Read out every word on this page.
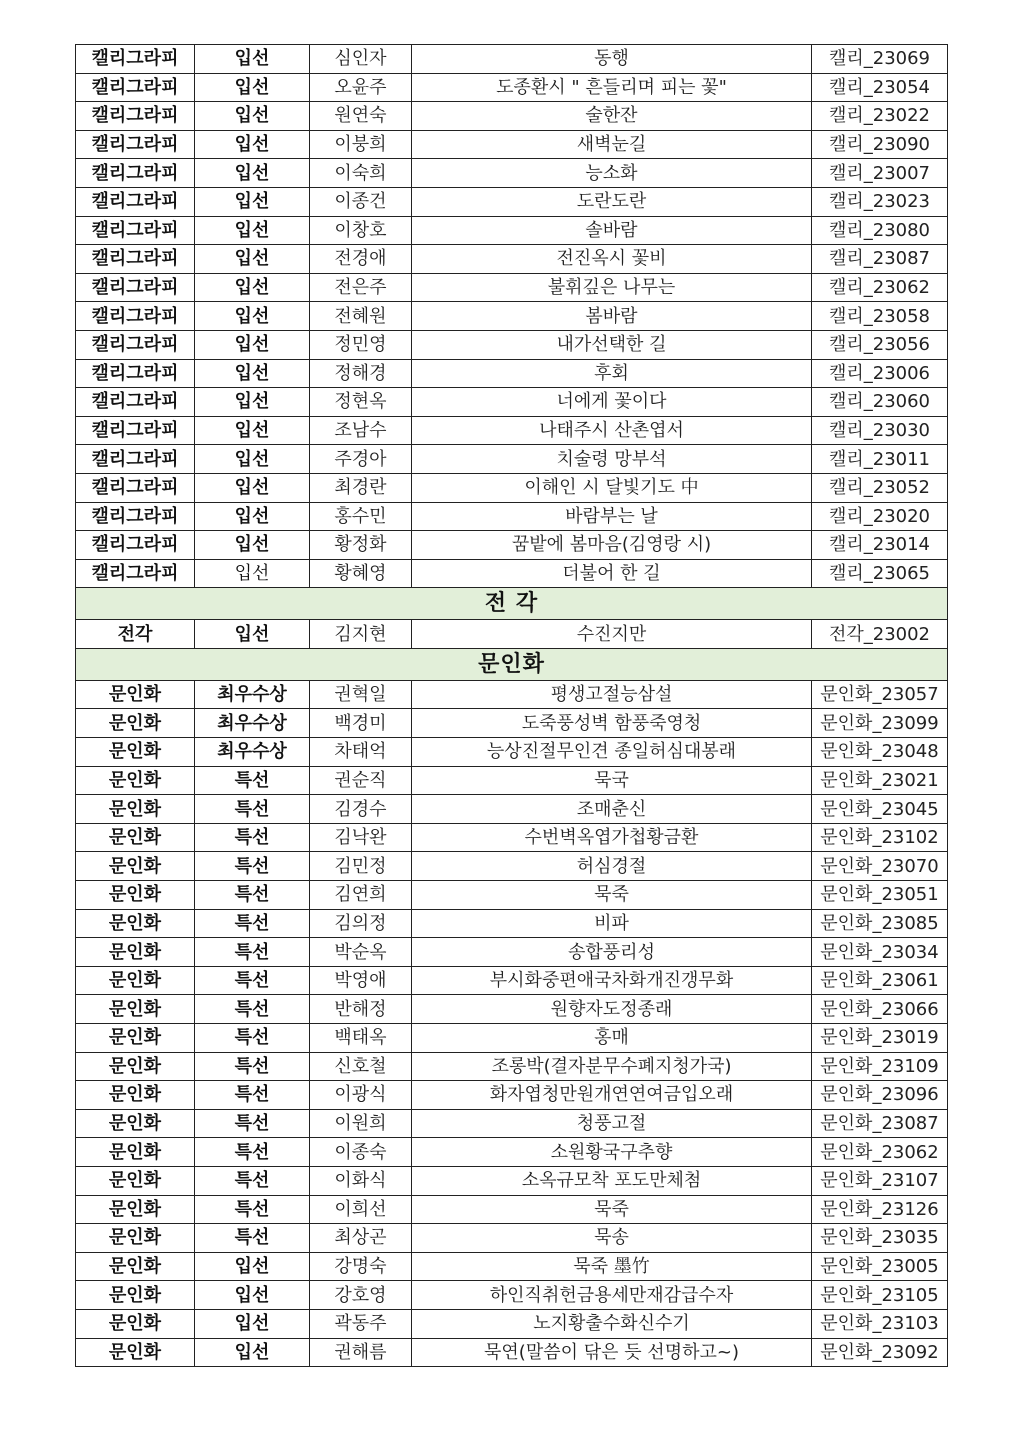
캘리그라피	입선	심인자	동행	캘리_23069
캘리그라피	입선	오윤주	도종환시 " 흔들리며 피는 꽃"	캘리_23054
캘리그라피	입선	원연숙	술한잔	캘리_23022
캘리그라피	입선	이붕희	새벽눈길	캘리_23090
캘리그라피	입선	이숙희	능소화	캘리_23007
캘리그라피	입선	이종건	도란도란	캘리_23023
캘리그라피	입선	이창호	솔바람	캘리_23080
캘리그라피	입선	전경애	전진옥시 꽃비	캘리_23087
캘리그라피	입선	전은주	불휘깊은 나무는	캘리_23062
캘리그라피	입선	전혜원	봄바람	캘리_23058
캘리그라피	입선	정민영	내가선택한 길	캘리_23056
캘리그라피	입선	정해경	후회	캘리_23006
캘리그라피	입선	정현옥	너에게 꽃이다	캘리_23060
캘리그라피	입선	조남수	나태주시 산촌엽서	캘리_23030
캘리그라피	입선	주경아	치술령 망부석	캘리_23011
캘리그라피	입선	최경란	이해인 시 달빛기도 中	캘리_23052
캘리그라피	입선	홍수민	바람부는 날	캘리_23020
캘리그라피	입선	황정화	꿈밭에 봄마음(김영랑 시)	캘리_23014
캘리그라피	입선	황혜영	더불어 한 길	캘리_23065
전 각				
전각	입선	김지현	수진지만	전각_23002
문인화				
문인화	최우수상	권혁일	평생고절능삼설	문인화_23057
문인화	최우수상	백경미	도죽풍성벽 함풍죽영청	문인화_23099
문인화	최우수상	차태억	능상진절무인견 종일허심대봉래	문인화_23048
문인화	특선	권순직	묵국	문인화_23021
문인화	특선	김경수	조매춘신	문인화_23045
문인화	특선	김낙완	수번벽옥엽가첩황금환	문인화_23102
문인화	특선	김민정	허심경절	문인화_23070
문인화	특선	김연희	묵죽	문인화_23051
문인화	특선	김의정	비파	문인화_23085
문인화	특선	박순옥	송합풍리성	문인화_23034
문인화	특선	박영애	부시화중편애국차화개진갱무화	문인화_23061
문인화	특선	반해정	원향자도정종래	문인화_23066
문인화	특선	백태옥	홍매	문인화_23019
문인화	특선	신호철	조롱박(결자분무수폐지청가국)	문인화_23109
문인화	특선	이광식	화자엽청만원개연연여금입오래	문인화_23096
문인화	특선	이원희	청풍고절	문인화_23087
문인화	특선	이종숙	소원황국구추향	문인화_23062
문인화	특선	이화식	소옥규모착 포도만체첨	문인화_23107
문인화	특선	이희선	묵죽	문인화_23126
문인화	특선	최상곤	묵송	문인화_23035
문인화	입선	강명숙	묵죽 墨竹	문인화_23005
문인화	입선	강호영	하인직취헌금용세만재감급수자	문인화_23105
문인화	입선	곽동주	노지황출수화신수기	문인화_23103
문인화	입선	권해름	묵연(말씀이 닦은 듯 선명하고~)	문인화_23092
